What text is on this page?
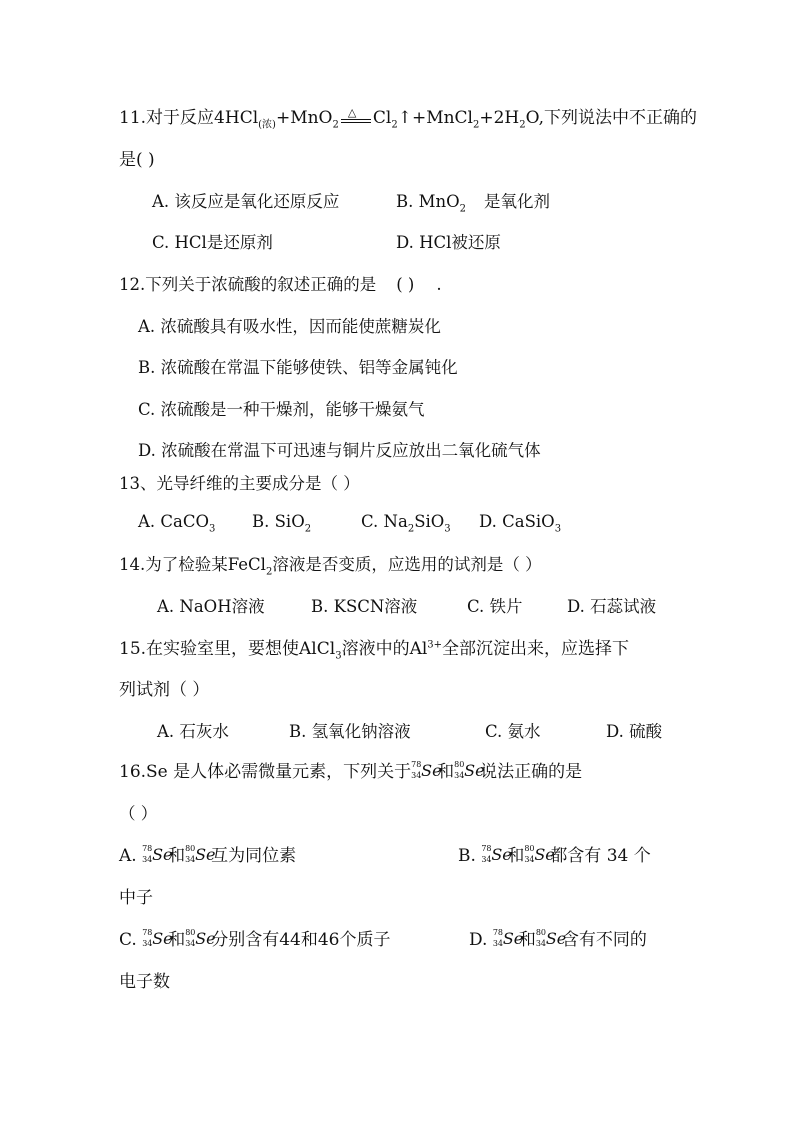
11.对于反应4HCl$_{(浓)}$+MnO$_2$
△ $Cl_2↑+MnCl_2+2H_2O$,下列说法中不正确的
是( )
A. 该反应是氧化还原反应	B. MnO$_2$ 是氧化剂
C. HCl是还原剂	D. HCl被还原
12.下列关于浓硫酸的叙述正确的是 ( ) .
A. 浓硫酸具有吸水性，因而能使蔗糖炭化
B. 浓硫酸在常温下能够使铁、铝等金属钝化
C. 浓硫酸是一种干燥剂，能够干燥氨气
D. 浓硫酸在常温下可迅速与铜片反应放出二氧化硫气体
13、光导纤维的主要成分是（ ）
A. CaCO$_3$ B. SiO$_2$	C. $Na_2SiO_3$ D. CaSiO$_3$
14.为了检验某FeCl$_2$溶液是否变质，应选用的试剂是（ ）
A. NaOH溶液	B. KSCN溶液	C. 铁片	D. 石蕊试液
15.在实验室里，要想使AlCl$_3$溶液中的$Al^{3+}$全部沉淀出来，应选择下
列试剂（ ）
A. 石灰水	B. 氢氧化钠溶液	C. 氨水	D. 硫酸
16.Se 是人体必需微量元素，下列关于 78
34 Se
和 80
34 Se
说法正确的是
（ ）
A. 78
34 Se
和 80
34 Se
互为同位素	B. 78
34 Se
和 80
34 Se
都含有 34 个
中子
C. 78
34 Se
和 80
34 Se
分别含有44和46个质子	D. 78
34 Se
和 80
34 Se
含有不同的
电子数
